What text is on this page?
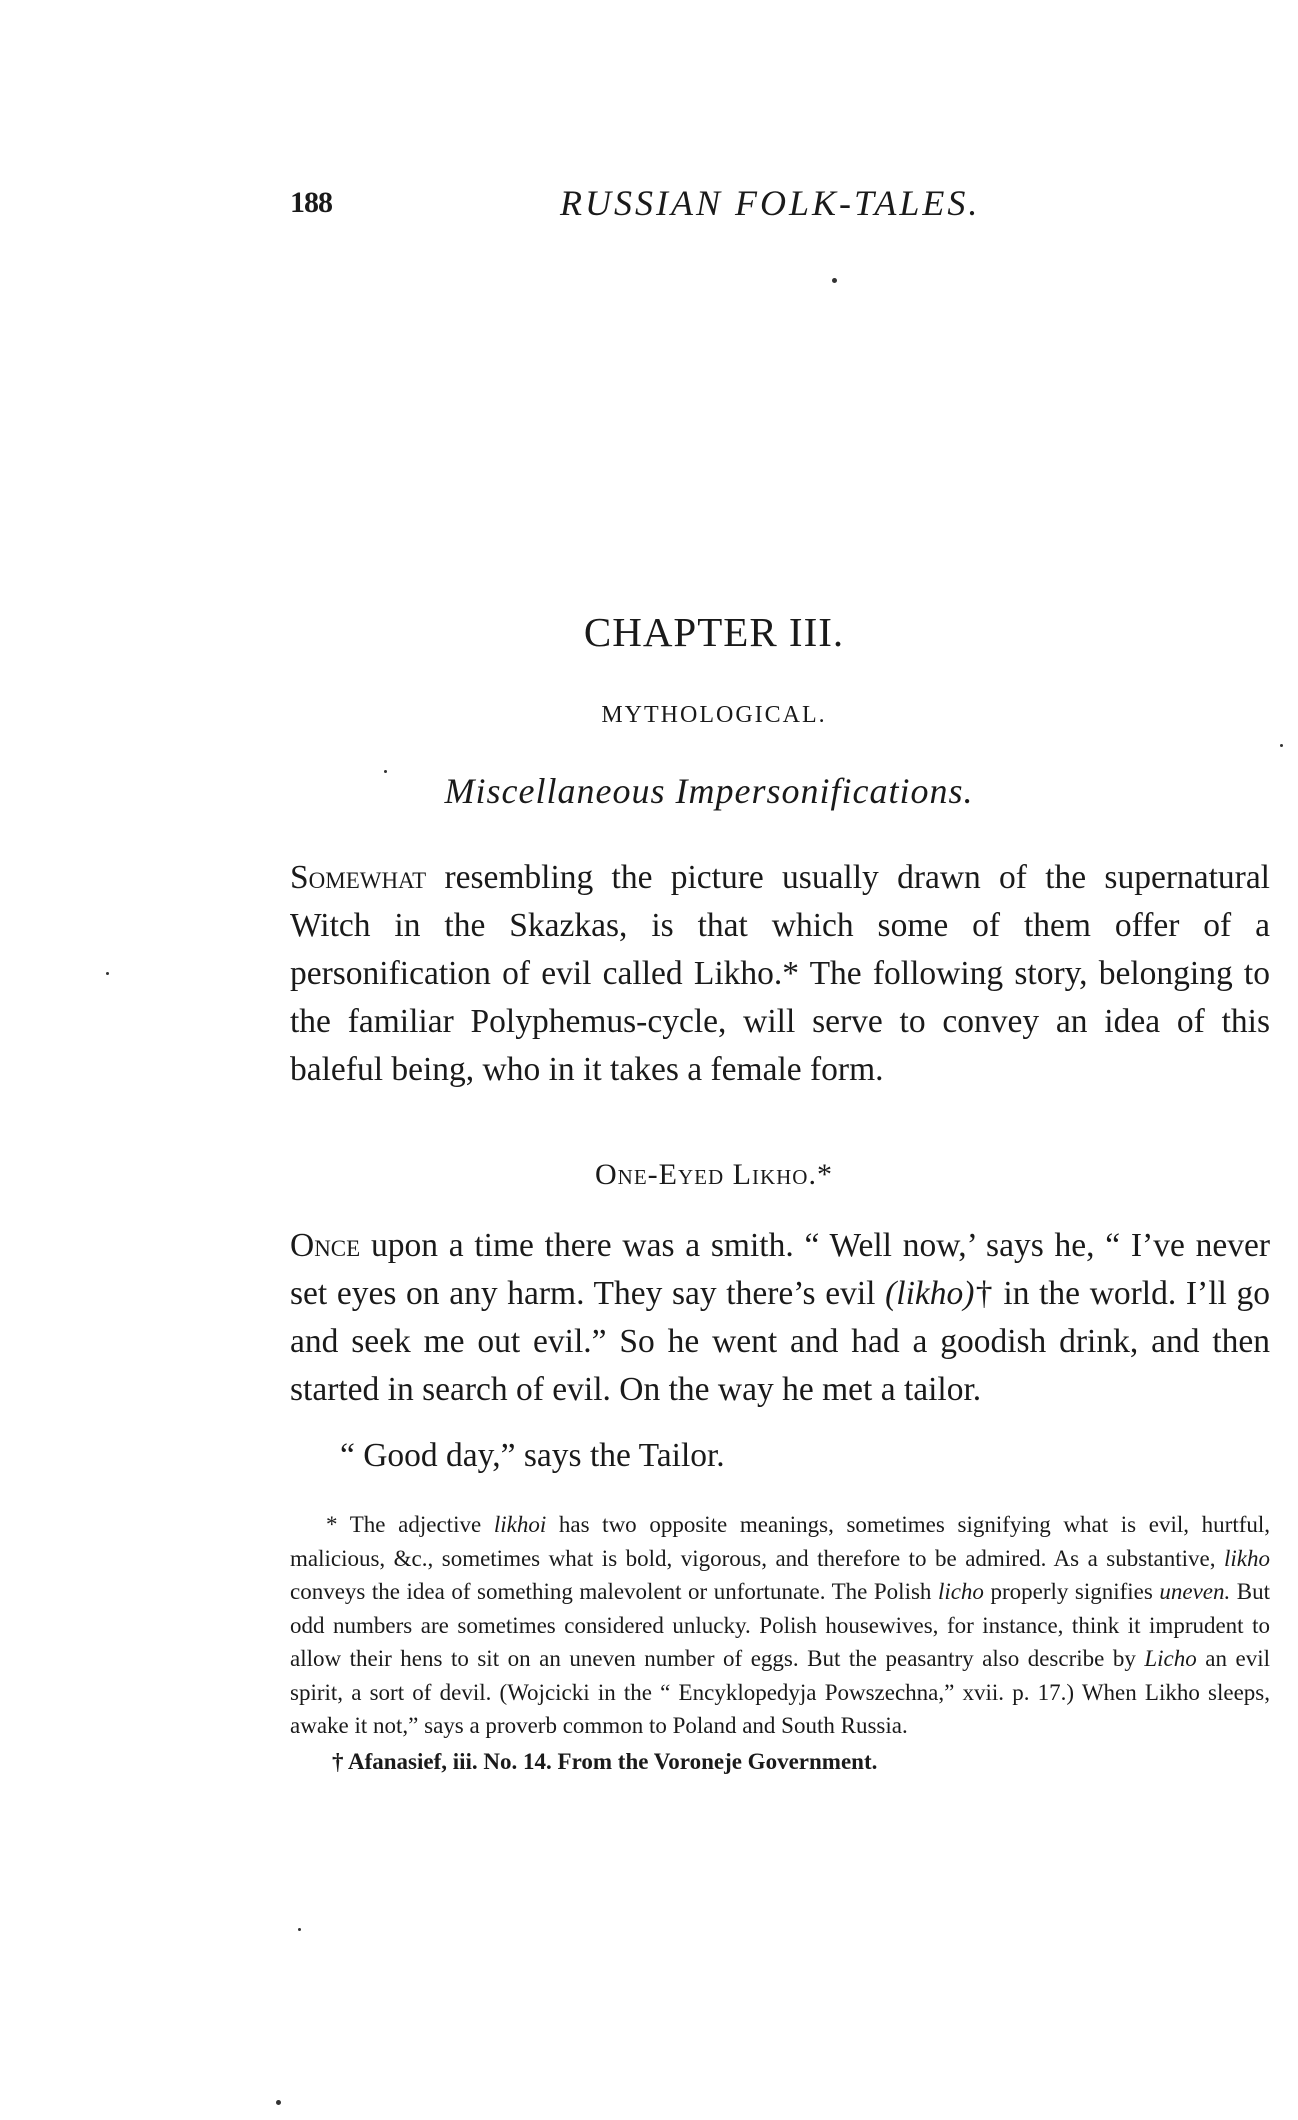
188	RUSSIAN FOLK-TALES.
CHAPTER III.
MYTHOLOGICAL.
Miscellaneous Impersonifications.

Somewhat resembling the picture usually drawn of the supernatural Witch in the Skazkas, is that which some of them offer of a personification of evil called Likho.* The following story, belonging to the familiar Polyphemus-cycle, will serve to convey an idea of this baleful being, who in it takes a female form.

One-Eyed Likho.*

Once upon a time there was a smith. “ Well now,’ says he, “ I’ve never set eyes on any harm. They say there’s evil (likho)† in the world. I’ll go and seek me out evil.” So he went and had a goodish drink, and then started in search of evil. On the way he met a tailor.

“ Good day,” says the Tailor.

* The adjective likhoi has two opposite meanings, sometimes signifying what is evil, hurtful, malicious, &c., sometimes what is bold, vigorous, and therefore to be admired. As a substantive, likho conveys the idea of something malevolent or unfortunate. The Polish licho properly signifies uneven. But odd numbers are sometimes considered unlucky. Polish housewives, for instance, think it imprudent to allow their hens to sit on an uneven number of eggs. But the peasantry also describe by Licho an evil spirit, a sort of devil. (Wojcicki in the “ Encyklopedyja Powszechna,” xvii. p. 17.) When Likho sleeps, awake it not,” says a proverb common to Poland and South Russia.

† Afanasief, iii. No. 14. From the Voroneje Government.
